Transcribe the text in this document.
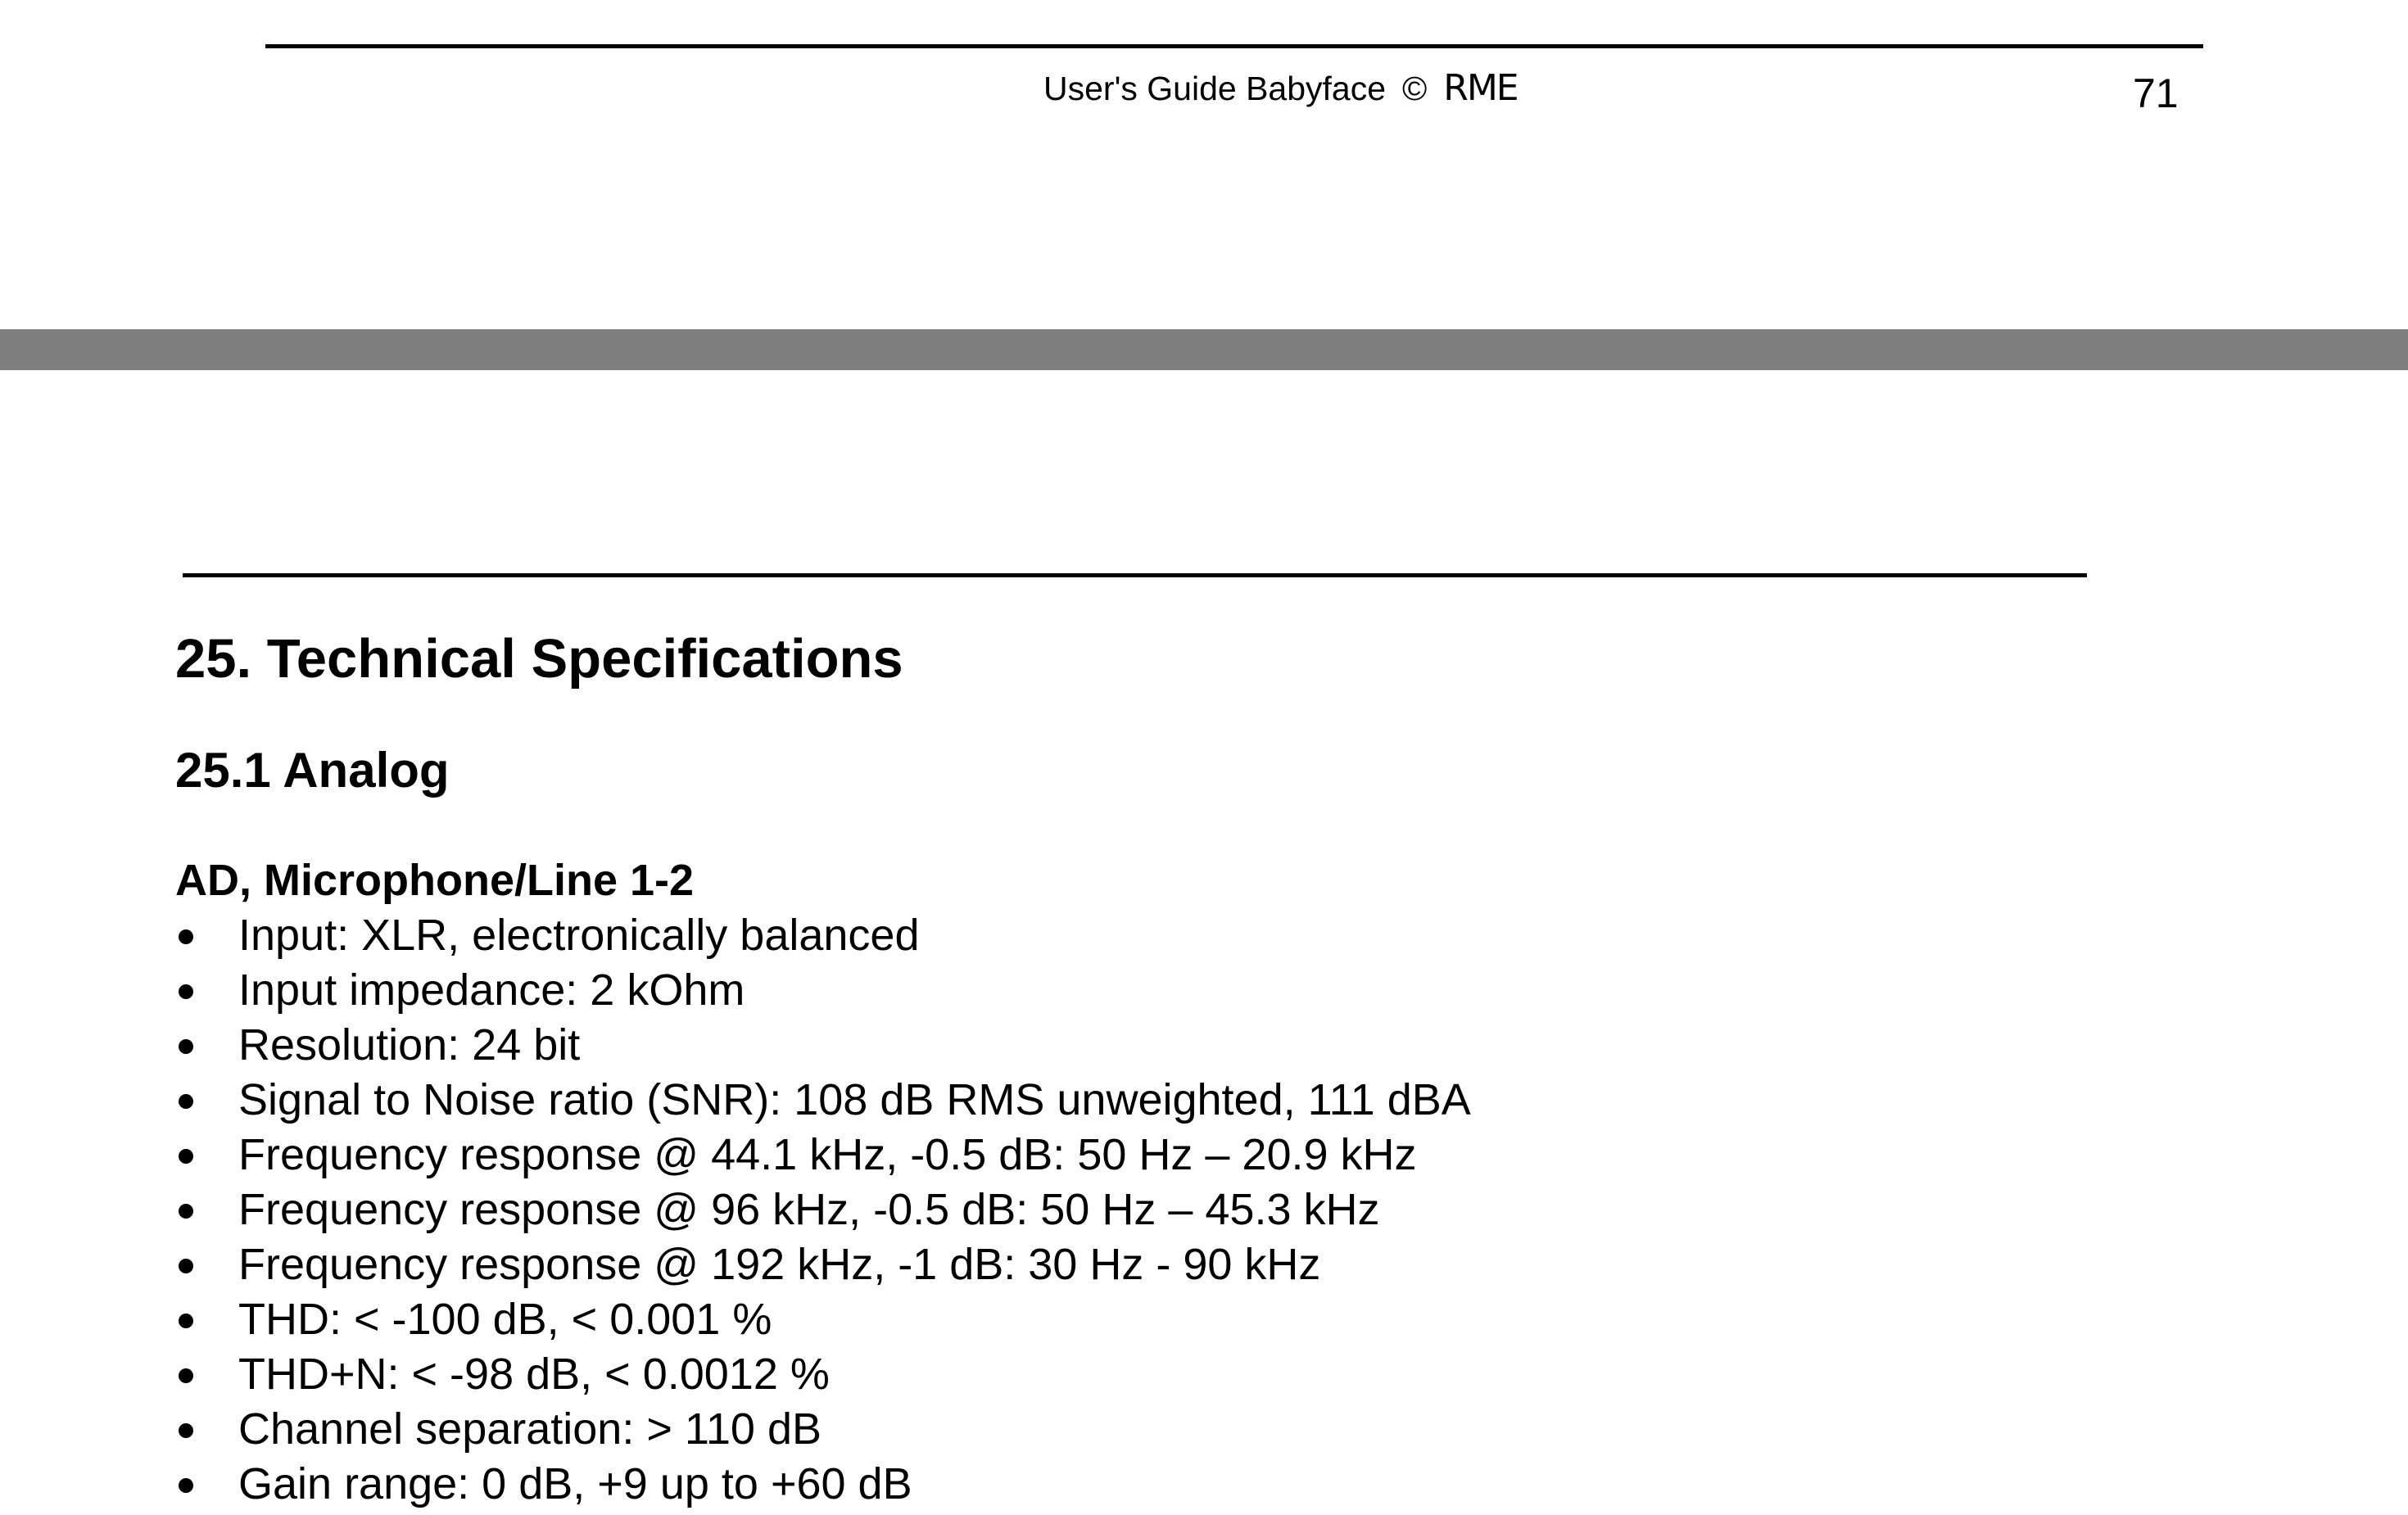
User's Guide Babyface © RME	71
25. Technical Specifications
25.1 Analog
AD, Microphone/Line 1-2
Input: XLR, electronically balanced
Input impedance: 2 kOhm
Resolution: 24 bit
Signal to Noise ratio (SNR): 108 dB RMS unweighted, 111 dBA
Frequency response @ 44.1 kHz, -0.5 dB: 50 Hz – 20.9 kHz
Frequency response @ 96 kHz, -0.5 dB: 50 Hz – 45.3 kHz
Frequency response @ 192 kHz, -1 dB: 30 Hz - 90 kHz
THD: < -100 dB, < 0.001 %
THD+N: < -98 dB, < 0.0012 %
Channel separation: > 110 dB
Gain range: 0 dB, +9 up to +60 dB
